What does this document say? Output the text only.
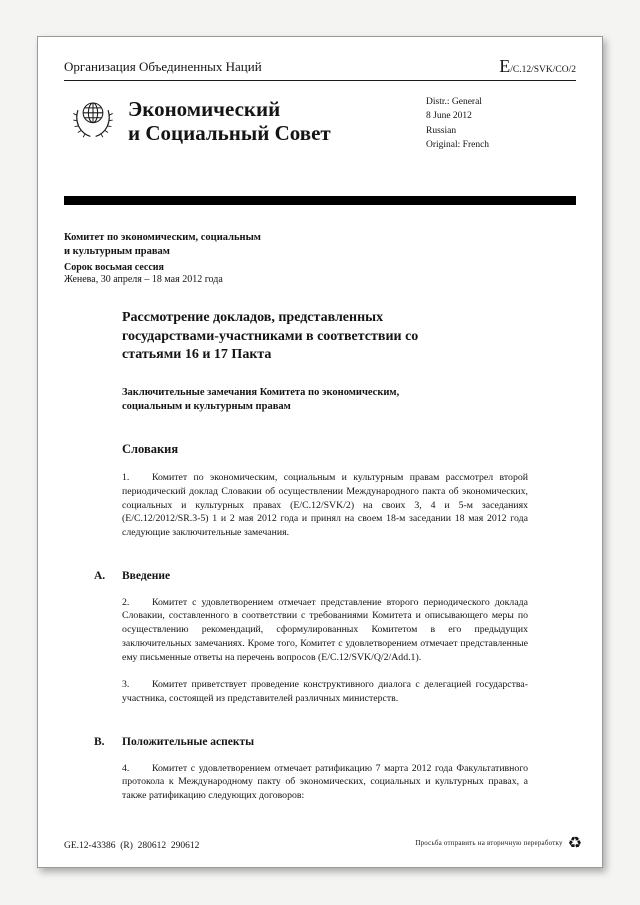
Организация Объединенных Наций	E/C.12/SVK/CO/2
Экономический
и Социальный Совет
Distr.: General
8 June 2012
Russian
Original: French
Комитет по экономическим, социальным
и культурным правам
Сорок восьмая сессия
Женева, 30 апреля – 18 мая 2012 года
Рассмотрение докладов, представленных государствами-участниками в соответствии со статьями 16 и 17 Пакта
Заключительные замечания Комитета по экономическим, социальным и культурным правам
Словакия
1. Комитет по экономическим, социальным и культурным правам рассмотрел второй периодический доклад Словакии об осуществлении Международного пакта об экономических, социальных и культурных правах (E/C.12/SVK/2) на своих 3, 4 и 5-м заседаниях (E/C.12/2012/SR.3-5) 1 и 2 мая 2012 года и принял на своем 18-м заседании 18 мая 2012 года следующие заключительные замечания.
A. Введение
2. Комитет с удовлетворением отмечает представление второго периодического доклада Словакии, составленного в соответствии с требованиями Комитета и описывающего меры по осуществлению рекомендаций, сформулированных Комитетом в его предыдущих заключительных замечаниях. Кроме того, Комитет с удовлетворением отмечает представленные ему письменные ответы на перечень вопросов (E/C.12/SVK/Q/2/Add.1).
3. Комитет приветствует проведение конструктивного диалога с делегацией государства-участника, состоящей из представителей различных министерств.
B. Положительные аспекты
4. Комитет с удовлетворением отмечает ратификацию 7 марта 2012 года Факультативного протокола к Международному пакту об экономических, социальных и культурных правах, а также ратификацию следующих договоров:
GE.12-43386  (R)  280612  290612	Просьба отправить на вторичную переработку ♻
